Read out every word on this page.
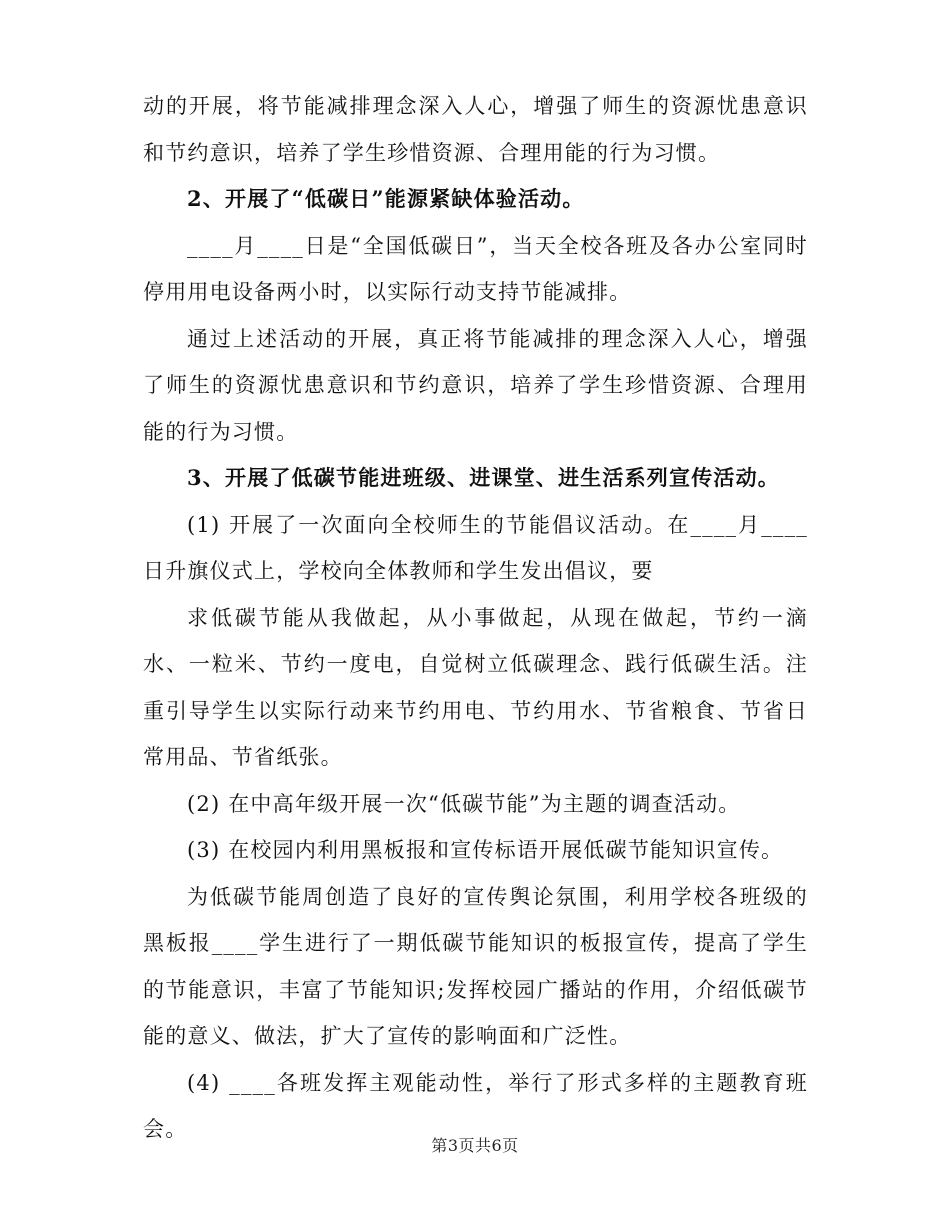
动的开展，将节能减排理念深入人心，增强了师生的资源忧患意识和节约意识，培养了学生珍惜资源、合理用能的行为习惯。

2、开展了“低碳日”能源紧缺体验活动。

____月____日是“全国低碳日”，当天全校各班及各办公室同时停用用电设备两小时，以实际行动支持节能减排。

通过上述活动的开展，真正将节能减排的理念深入人心，增强了师生的资源忧患意识和节约意识，培养了学生珍惜资源、合理用能的行为习惯。

3、开展了低碳节能进班级、进课堂、进生活系列宣传活动。

(1) 开展了一次面向全校师生的节能倡议活动。在____月____日升旗仪式上，学校向全体教师和学生发出倡议，要

求低碳节能从我做起，从小事做起，从现在做起，节约一滴水、一粒米、节约一度电，自觉树立低碳理念、践行低碳生活。注重引导学生以实际行动来节约用电、节约用水、节省粮食、节省日常用品、节省纸张。

(2) 在中高年级开展一次“低碳节能”为主题的调查活动。

(3) 在校园内利用黑板报和宣传标语开展低碳节能知识宣传。

为低碳节能周创造了良好的宣传舆论氛围，利用学校各班级的黑板报____学生进行了一期低碳节能知识的板报宣传，提高了学生的节能意识，丰富了节能知识;发挥校园广播站的作用，介绍低碳节能的意义、做法，扩大了宣传的影响面和广泛性。

(4) ____各班发挥主观能动性，举行了形式多样的主题教育班会。

第3页共6页
